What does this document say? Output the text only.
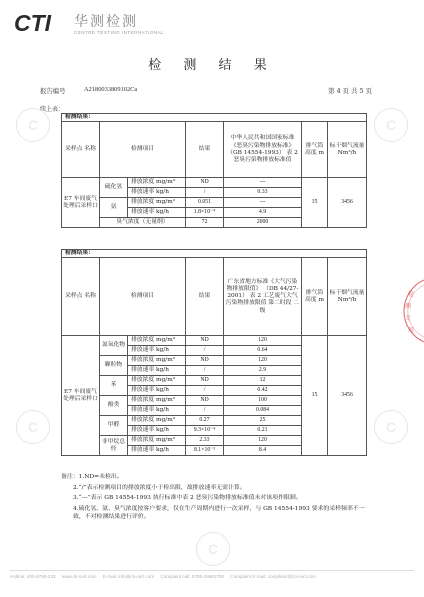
CTI 华测检测
CENTRE TESTING INTERNATIONAL
检 测 结 果
报告编号	A2180033809102Ca	第 4 页 共 5 页
续上表：
检测结果：						
采样点 名称	检测项目		结果	中华人民共和国国家标准《恶臭污染物排放标准》 （GB 14554-1993） 表 2 恶臭污染物排放标准值	排气筒高度 m	标干烟气流量 Nm³/h
E7 车间废气处理后采样口	硫化氢	排放浓度 mg/m³	ND	---	15	3456
		排放速率 kg/h	/	0.33		
	氨	排放浓度 mg/m³	0.051	---		
		排放速率 kg/h	1.8×10⁻⁴	4.9		
	臭气浓度（无量纲）		72	2000		
检测结果：						
采样点 名称	检测项目		结果	广东省地方标准《大气污染物排放限值》 （DB 44/27-2001） 表 2 工艺废气大气污染物排放限值 第二时段 二级	排气筒高度 m	标干烟气流量 Nm³/h
E7 车间废气处理后采样口	氮氧化物	排放浓度 mg/m³	ND	120	15	3456
		排放速率 kg/h	/	0.64		
	颗粒物	排放浓度 mg/m³	ND	120		
		排放速率 kg/h	/	2.9		
	苯	排放浓度 mg/m³	ND	12		
		排放速率 kg/h	/	0.42		
	酚类	排放浓度 mg/m³	ND	100		
		排放速率 kg/h	/	0.084		
	甲醛	排放浓度 mg/m³	0.27	25		
		排放速率 kg/h	9.3×10⁻⁴	0.21		
	非甲烷总烃	排放浓度 mg/m³	2.33	120		
		排放速率 kg/h	8.1×10⁻³	8.4		

备注：1.ND=未检出。

2.“/”表示检测项目的排放浓度小于检出限，故排放速率无需计算。

3.“---”表示 GB 14554-1993 执行标准中表 2 恶臭污染物排放标准值未对该项作限制。

4.硫化氢、氨、臭气浓度按客户要求，仅在生产周期内进行一次采样，与 GB 14554-1993 要求的采样频率不一致，不对检测结果进行评价。

检
测
专
用
C	C
C	C
C
Hotline: 400-6788-333 www.cti-cert.com E-mail: info@cti-cert.com Complaint call: 0755-33681700 Complaint E-mail: complaint@cti-cert.com
